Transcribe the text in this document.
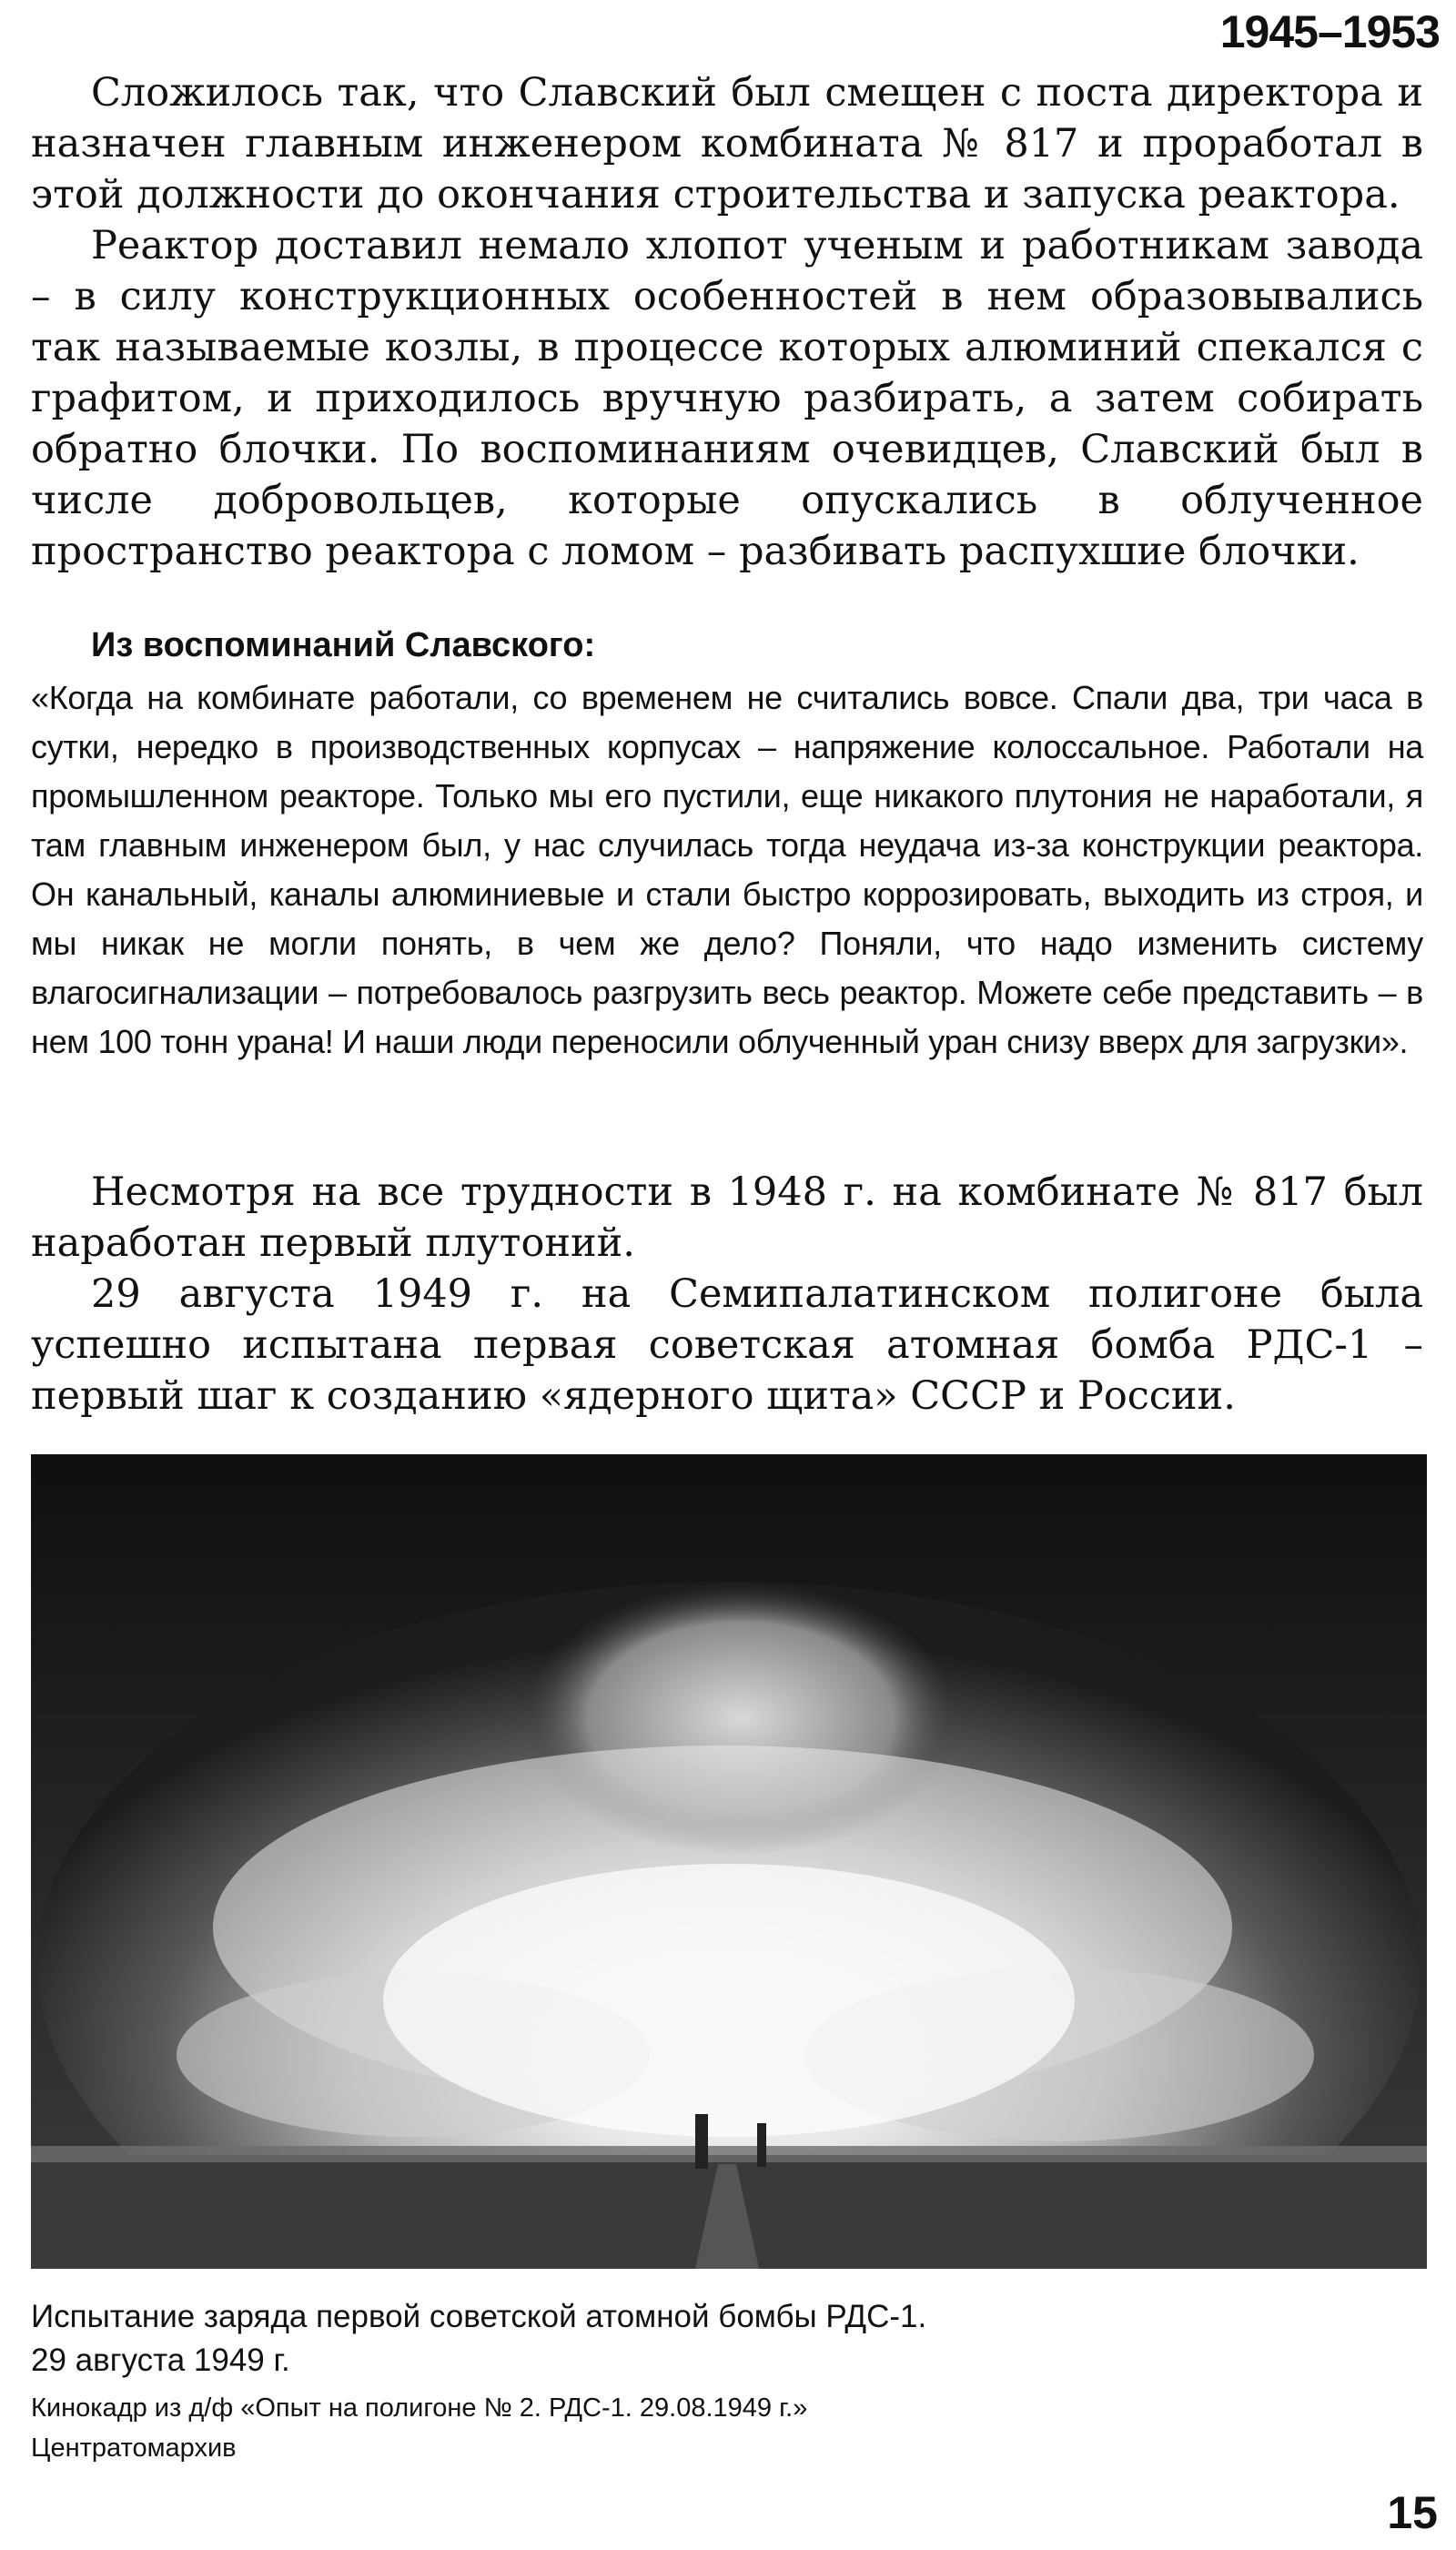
1945–1953

Сложилось так, что Славский был смещен с поста директора и назначен главным инженером комбината № 817 и проработал в этой должности до окончания строительства и запуска реактора.

Реактор доставил немало хлопот ученым и работникам завода – в силу конструкционных особенностей в нем образовывались так называемые козлы, в процессе которых алюминий спекался с графитом, и приходилось вручную разбирать, а затем собирать обратно блочки. По воспоминаниям очевидцев, Славский был в числе добровольцев, которые опускались в облученное пространство реактора с ломом – разбивать распухшие блочки.

Из воспоминаний Славского:

«Когда на комбинате работали, со временем не считались вовсе. Спали два, три часа в сутки, нередко в производственных корпусах – напряжение колоссальное. Работали на промышленном реакторе. Только мы его пустили, еще никакого плутония не наработали, я там главным инженером был, у нас случилась тогда неудача из-за конструкции реактора. Он канальный, каналы алюминиевые и стали быстро коррозировать, выходить из строя, и мы никак не могли понять, в чем же дело? Поняли, что надо изменить систему влагосигнализации – потребовалось разгрузить весь реактор. Можете себе представить – в нем 100 тонн урана! И наши люди переносили облученный уран снизу вверх для загрузки».

Несмотря на все трудности в 1948 г. на комбинате № 817 был наработан первый плутоний.

29 августа 1949 г. на Семипалатинском полигоне была успешно испытана первая советская атомная бомба РДС-1 – первый шаг к созданию «ядерного щита» СССР и России.

Испытание заряда первой советской атомной бомбы РДС-1.

29 августа 1949 г.

Кинокадр из д/ф «Опыт на полигоне № 2. РДС-1. 29.08.1949 г.»

Центратомархив

15
